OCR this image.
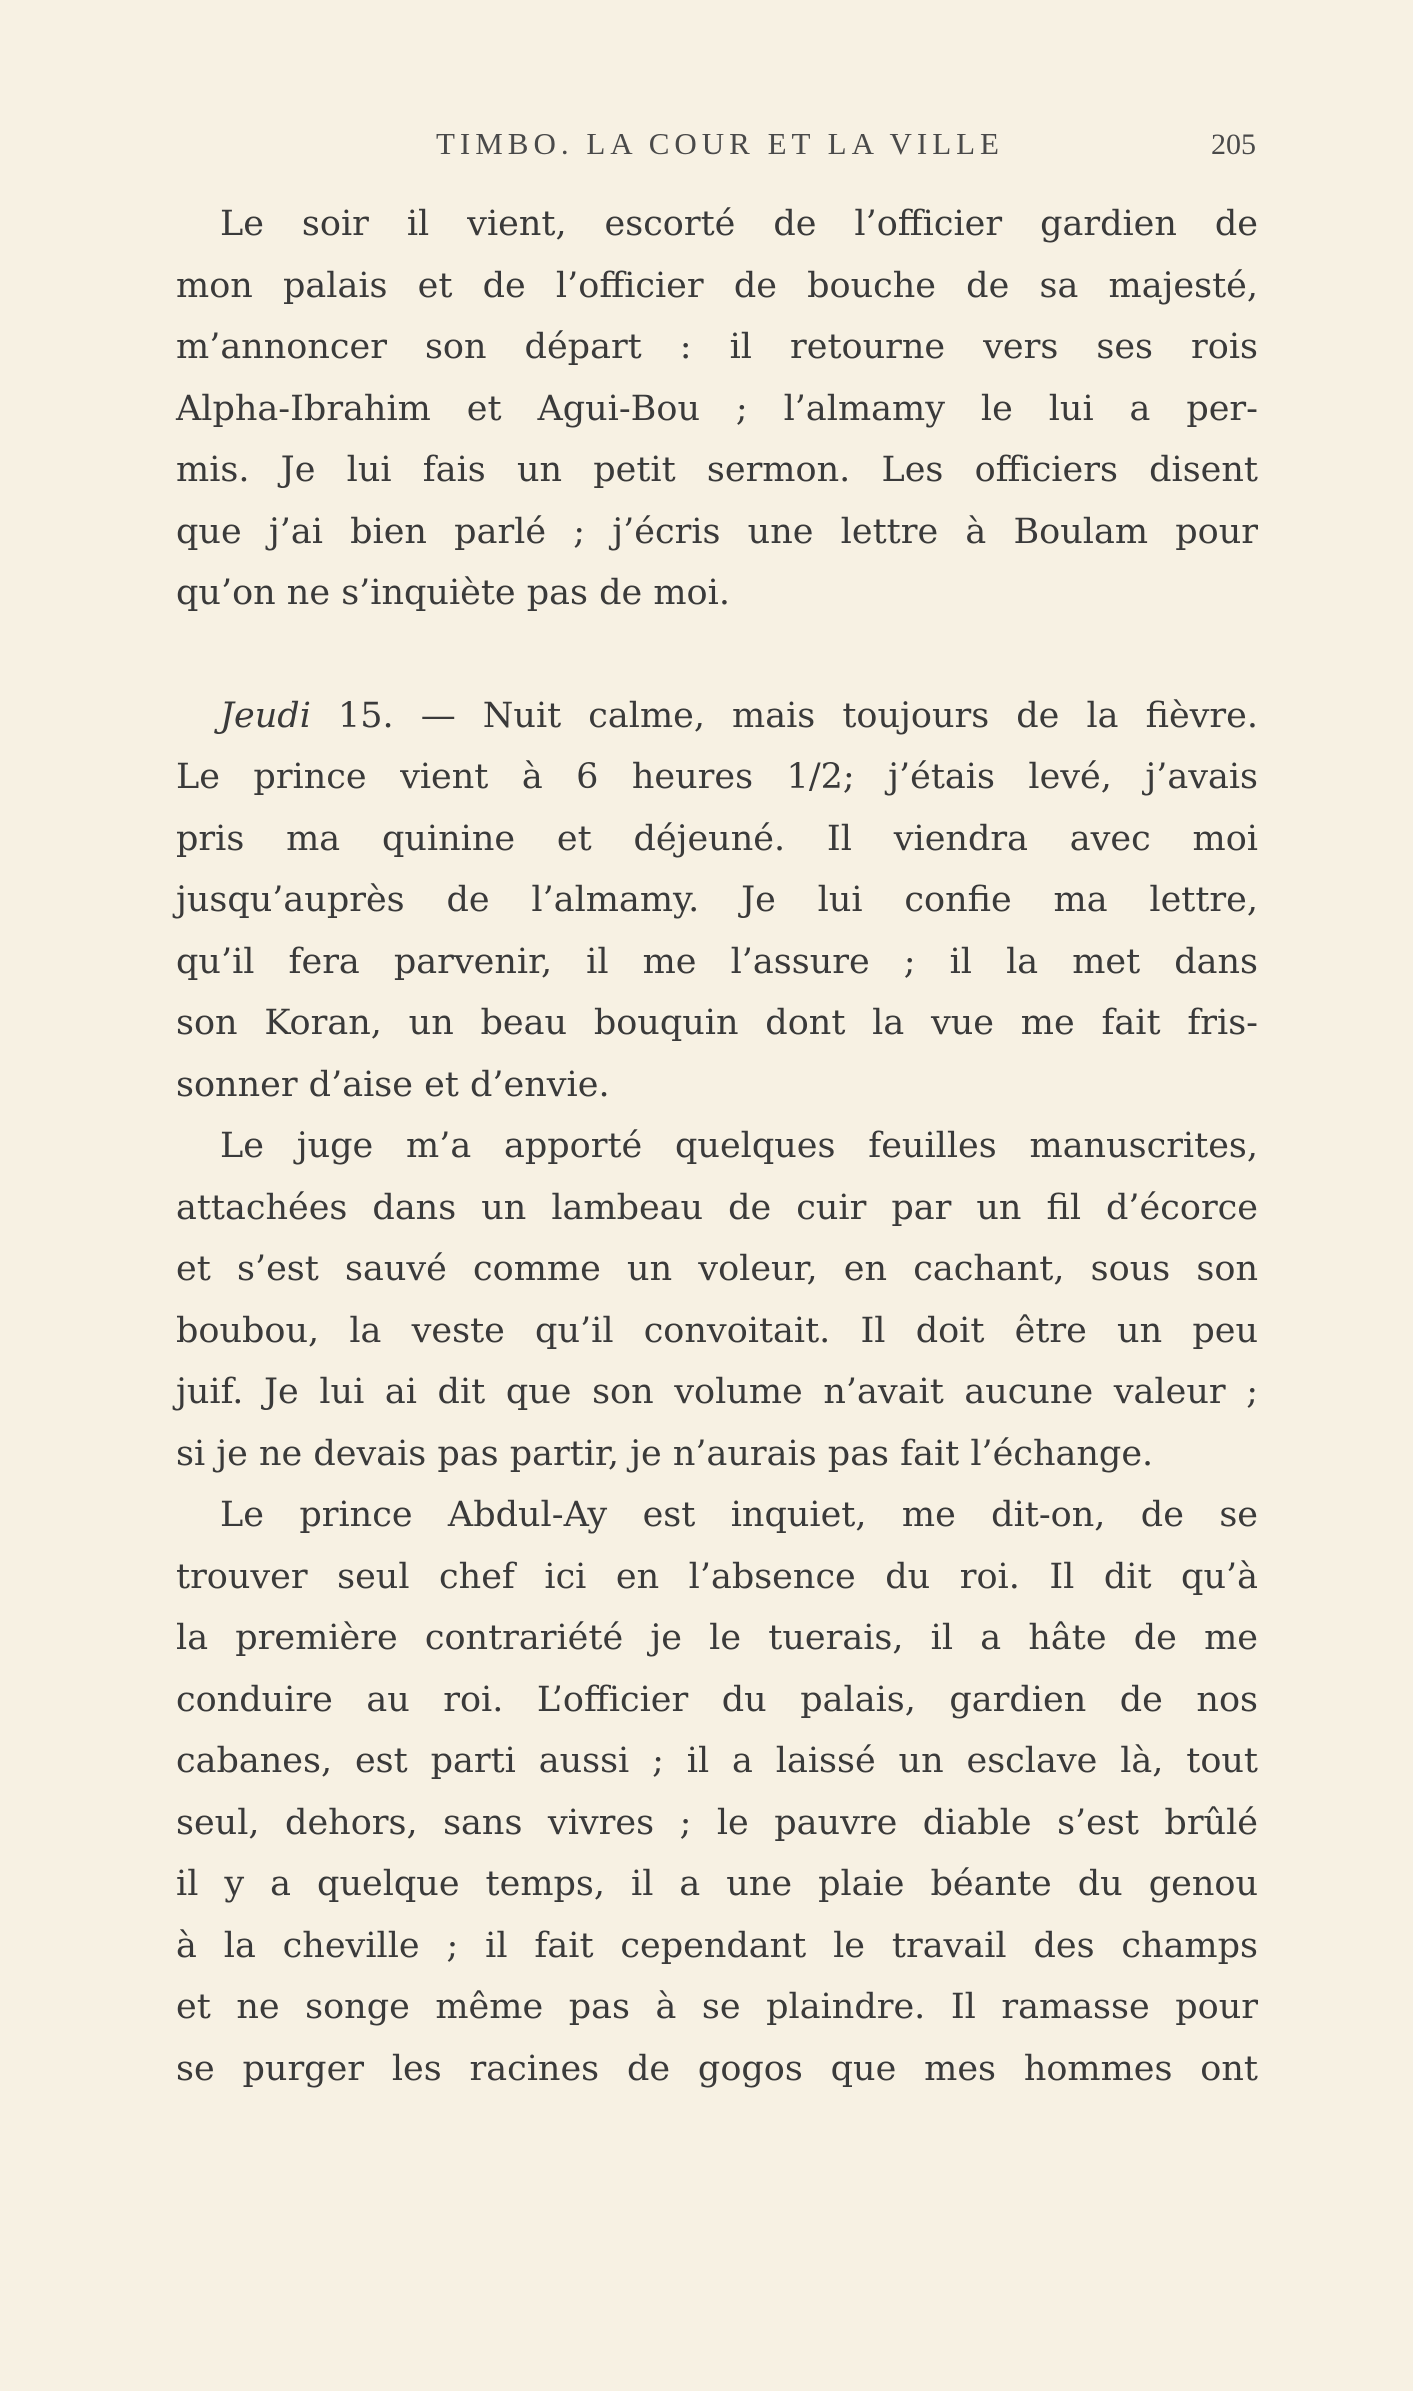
TIMBO. LA COUR ET LA VILLE	205

Le soir il vient, escorté de l’officier gardien de
mon palais et de l’officier de bouche de sa majesté,
m’annoncer son départ : il retourne vers ses rois
Alpha-Ibrahim et Agui-Bou ; l’almamy le lui a per-
mis. Je lui fais un petit sermon. Les officiers disent
que j’ai bien parlé ; j’écris une lettre à Boulam pour
qu’on ne s’inquiète pas de moi.

Jeudi 15. — Nuit calme, mais toujours de la fièvre.
Le prince vient à 6 heures 1/2; j’étais levé, j’avais
pris ma quinine et déjeuné. Il viendra avec moi
jusqu’auprès de l’almamy. Je lui confie ma lettre,
qu’il fera parvenir, il me l’assure ; il la met dans
son Koran, un beau bouquin dont la vue me fait fris-
sonner d’aise et d’envie.

Le juge m’a apporté quelques feuilles manuscrites,
attachées dans un lambeau de cuir par un fil d’écorce
et s’est sauvé comme un voleur, en cachant, sous son
boubou, la veste qu’il convoitait. Il doit être un peu
juif. Je lui ai dit que son volume n’avait aucune valeur ;
si je ne devais pas partir, je n’aurais pas fait l’échange.

Le prince Abdul-Ay est inquiet, me dit-on, de se
trouver seul chef ici en l’absence du roi. Il dit qu’à
la première contrariété je le tuerais, il a hâte de me
conduire au roi. L’officier du palais, gardien de nos
cabanes, est parti aussi ; il a laissé un esclave là, tout
seul, dehors, sans vivres ; le pauvre diable s’est brûlé
il y a quelque temps, il a une plaie béante du genou
à la cheville ; il fait cependant le travail des champs
et ne songe même pas à se plaindre. Il ramasse pour
se purger les racines de gogos que mes hommes ont
